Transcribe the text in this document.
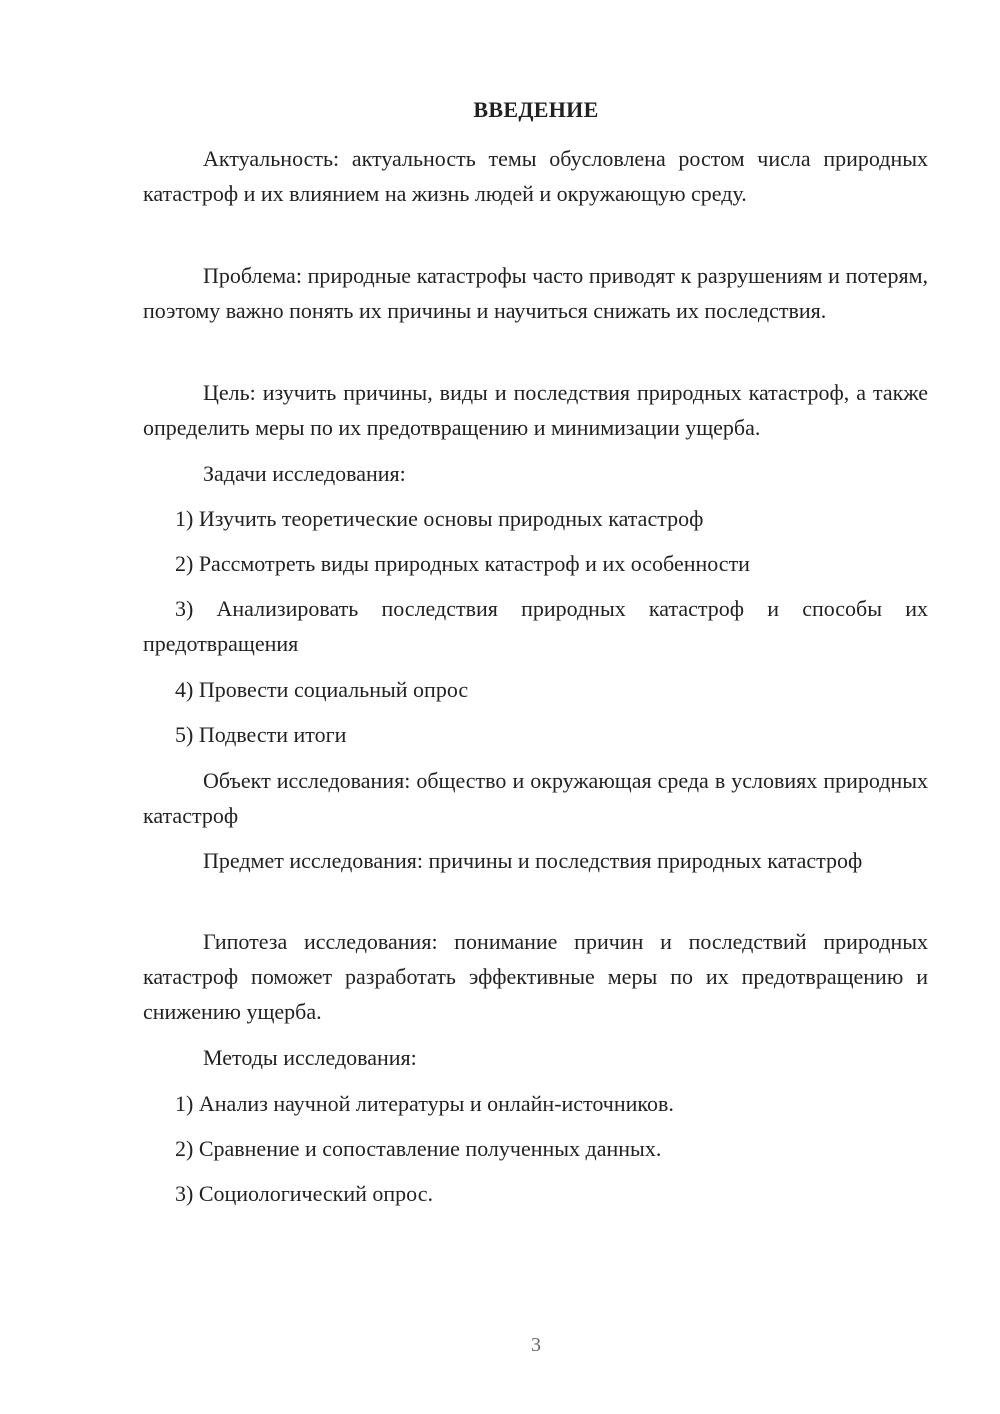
ВВЕДЕНИЕ
Актуальность: актуальность темы обусловлена ростом числа природных катастроф и их влиянием на жизнь людей и окружающую среду.
Проблема: природные катастрофы часто приводят к разрушениям и потерям, поэтому важно понять их причины и научиться снижать их последствия.
Цель: изучить причины, виды и последствия природных катастроф, а также определить меры по их предотвращению и минимизации ущерба.
Задачи исследования:
1) Изучить теоретические основы природных катастроф
2) Рассмотреть виды природных катастроф и их особенности
3) Анализировать последствия природных катастроф и способы их предотвращения
4) Провести социальный опрос
5) Подвести итоги
Объект исследования: общество и окружающая среда в условиях природных катастроф
Предмет исследования: причины и последствия природных катастроф
Гипотеза исследования: понимание причин и последствий природных катастроф поможет разработать эффективные меры по их предотвращению и снижению ущерба.
Методы исследования:
1) Анализ научной литературы и онлайн-источников.
2) Сравнение и сопоставление полученных данных.
3) Социологический опрос.
3
